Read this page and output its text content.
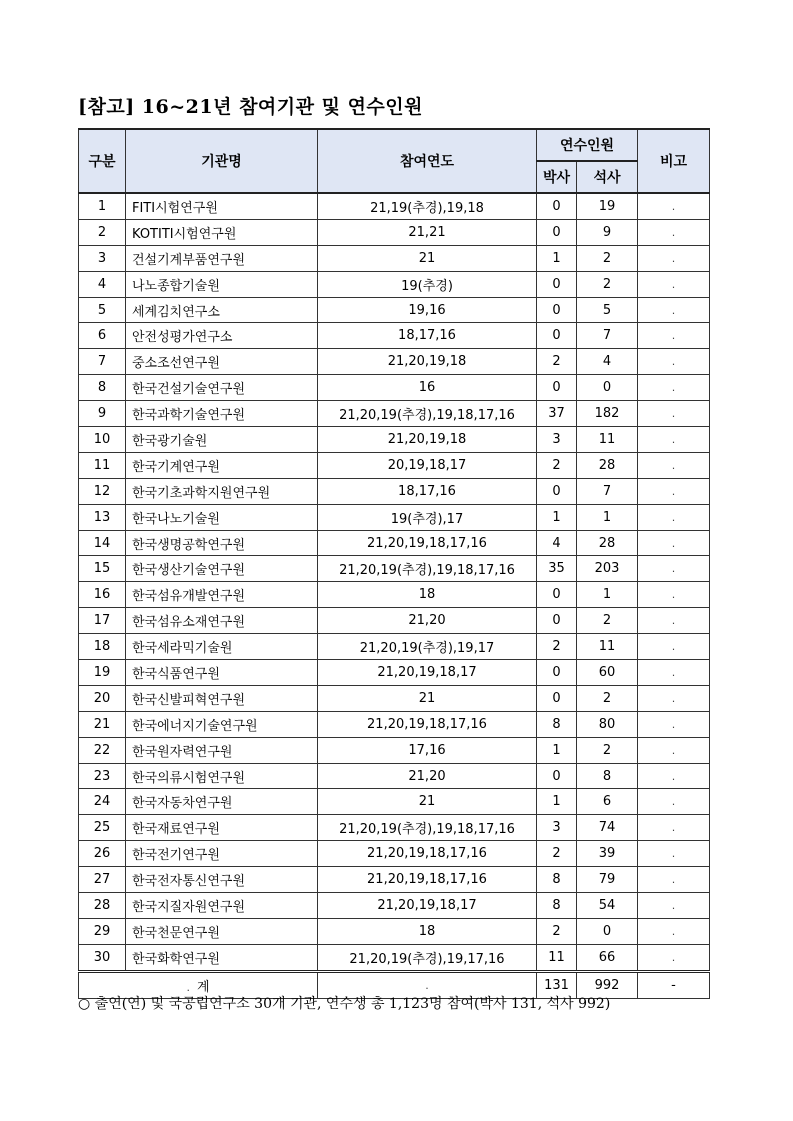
[참고] 16~21년 참여기관 및 연수인원
구분	기관명	참여연도	연수인원		비고
			박사	석사	
1	FITI시험연구원	21,19(추경),19,18	0	19	.
2	KOTITI시험연구원	21,21	0	9	.
3	건설기계부품연구원	21	1	2	.
4	나노종합기술원	19(추경)	0	2	.
5	세계김치연구소	19,16	0	5	.
6	안전성평가연구소	18,17,16	0	7	.
7	중소조선연구원	21,20,19,18	2	4	.
8	한국건설기술연구원	16	0	0	.
9	한국과학기술연구원	21,20,19(추경),19,18,17,16	37	182	.
10	한국광기술원	21,20,19,18	3	11	.
11	한국기계연구원	20,19,18,17	2	28	.
12	한국기초과학지원연구원	18,17,16	0	7	.
13	한국나노기술원	19(추경),17	1	1	.
14	한국생명공학연구원	21,20,19,18,17,16	4	28	.
15	한국생산기술연구원	21,20,19(추경),19,18,17,16	35	203	.
16	한국섬유개발연구원	18	0	1	.
17	한국섬유소재연구원	21,20	0	2	.
18	한국세라믹기술원	21,20,19(추경),19,17	2	11	.
19	한국식품연구원	21,20,19,18,17	0	60	.
20	한국신발피혁연구원	21	0	2	.
21	한국에너지기술연구원	21,20,19,18,17,16	8	80	.
22	한국원자력연구원	17,16	1	2	.
23	한국의류시험연구원	21,20	0	8	.
24	한국자동차연구원	21	1	6	.
25	한국재료연구원	21,20,19(추경),19,18,17,16	3	74	.
26	한국전기연구원	21,20,19,18,17,16	2	39	.
27	한국전자통신연구원	21,20,19,18,17,16	8	79	.
28	한국지질자원연구원	21,20,19,18,17	8	54	.
29	한국천문연구원	18	2	0	.
30	한국화학연구원	21,20,19(추경),19,17,16	11	66	.
.  계		.	131	992	-
○ 출연(연) 및 국공립연구소 30개 기관, 연수생 총 1,123명 참여(박사 131, 석사 992)
